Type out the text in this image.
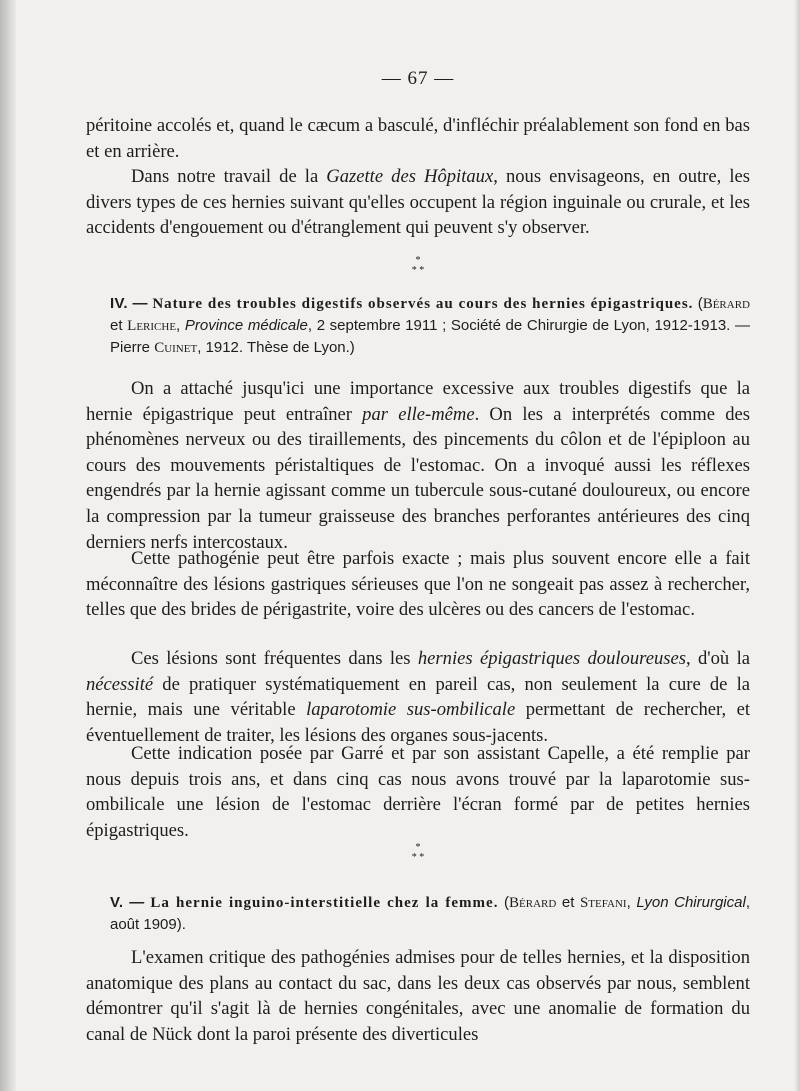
— 67 —

péritoine accolés et, quand le cæcum a basculé, d'infléchir préalablement son fond en bas et en arrière.

Dans notre travail de la Gazette des Hôpitaux, nous envisageons, en outre, les divers types de ces hernies suivant qu'elles occupent la région inguinale ou crurale, et les accidents d'engouement ou d'étranglement qui peuvent s'y observer.

*
* *

IV. — Nature des troubles digestifs observés au cours des hernies épigastriques. (Bérard et Leriche, Province médicale, 2 septembre 1911 ; Société de Chirurgie de Lyon, 1912-1913. — Pierre Cuinet, 1912. Thèse de Lyon.)

On a attaché jusqu'ici une importance excessive aux troubles digestifs que la hernie épigastrique peut entraîner par elle-même. On les a interprétés comme des phénomènes nerveux ou des tiraillements, des pincements du côlon et de l'épiploon au cours des mouvements péristaltiques de l'estomac. On a invoqué aussi les réflexes engendrés par la hernie agissant comme un tubercule sous-cutané douloureux, ou encore la compression par la tumeur graisseuse des branches perforantes antérieures des cinq derniers nerfs intercostaux.

Cette pathogénie peut être parfois exacte ; mais plus souvent encore elle a fait méconnaître des lésions gastriques sérieuses que l'on ne songeait pas assez à rechercher, telles que des brides de périgastrite, voire des ulcères ou des cancers de l'estomac.

Ces lésions sont fréquentes dans les hernies épigastriques douloureuses, d'où la nécessité de pratiquer systématiquement en pareil cas, non seulement la cure de la hernie, mais une véritable laparotomie sus-ombilicale permettant de rechercher, et éventuellement de traiter, les lésions des organes sous-jacents.

Cette indication posée par Garré et par son assistant Capelle, a été remplie par nous depuis trois ans, et dans cinq cas nous avons trouvé par la laparotomie sus-ombilicale une lésion de l'estomac derrière l'écran formé par de petites hernies épigastriques.

*
* *

V. — La hernie inguino-interstitielle chez la femme. (Bérard et Stefani, Lyon Chirurgical, août 1909).

L'examen critique des pathogénies admises pour de telles hernies, et la disposition anatomique des plans au contact du sac, dans les deux cas observés par nous, semblent démontrer qu'il s'agit là de hernies congénitales, avec une anomalie de formation du canal de Nück dont la paroi présente des diverticules
